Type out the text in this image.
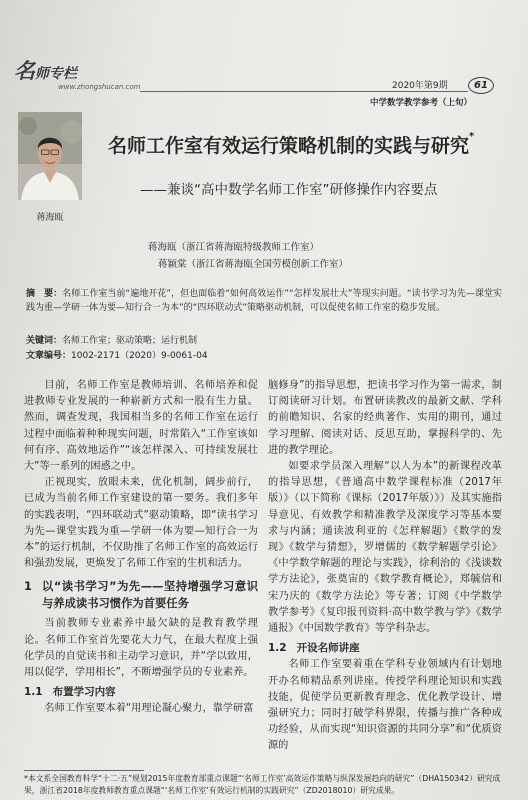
名师专栏
www.zhongshucan.com	2020年第9期	61
中学数学教学参考（上旬）
蒋海瓯
名师工作室有效运行策略机制的实践与研究*
——兼谈“高中数学名师工作室”研修操作内容要点
蒋海瓯（浙江省蒋海瓯特级教师工作室）
蒋颖棠（浙江省蒋海瓯全国劳模创新工作室）
摘　要：名师工作室当前“遍地开花”，但也面临着“如何高效运作”“怎样发展壮大”等现实问题。“读书学习为先—课堂实践为重—学研一体为要—知行合一为本”的“四环联动式”策略驱动机制，可以促使名师工作室的稳步发展。
关键词：名师工作室；驱动策略；运行机制
文章编号：1002-2171（2020）9-0061-04

目前，名师工作室是教师培训、名师培养和促进教师专业发展的一种崭新方式和一股有生力量。然而，调查发现，我国相当多的名师工作室在运行过程中面临着种种现实问题，时常陷入“工作室该如何有序、高效地运作”“该怎样深入、可持续发展壮大”等一系列的困惑之中。

正视现实，放眼未来，优化机制，阔步前行，已成为当前名师工作室建设的第一要务。我们多年的实践表明，“四环联动式”驱动策略，即“读书学习为先—课堂实践为重—学研一体为要—知行合一为本”的运行机制，不仅助推了名师工作室的高效运行和强劲发展，更焕发了名师工作室的生机和活力。

1 以“读书学习”为先——坚持增强学习意识与养成读书习惯作为首要任务

当前教师专业素养中最欠缺的是教育教学理论。名师工作室首先要花大力气，在最大程度上强化学员的自觉读书和主动学习意识，并“学以致用，用以促学，学用相长”，不断增强学员的专业素养。

1.1 布置学习内容

名师工作室要本着“用理论凝心聚力，靠学研富

脑修身”的指导思想，把读书学习作为第一需求，制订阅读研习计划。布置研读教改的最新文献、学科的前瞻知识、名家的经典著作、实用的期刊，通过学习理解、阅读对话、反思互助，掌握科学的、先进的教学理论。

如要求学员深入理解“以人为本”的新课程改革的指导思想，《普通高中数学课程标准（2017年版）》（以下简称《课标（2017年版）》）及其实施指导意见、有效教学和精准教学及深度学习等基本要求与内涵；通读波利亚的《怎样解题》《数学的发现》《数学与猜想》，罗增儒的《数学解题学引论》《中学数学解题的理论与实践》，徐利治的《浅谈数学方法论》，张奠宙的《数学教育概论》，郑毓信和宋乃庆的《数学方法论》等专著；订阅《中学数学教学参考》《复印报刊资料·高中数学教与学》《数学通报》《中国数学教育》等学科杂志。

1.2 开设名师讲座

名师工作室要着重在学科专业领域内有计划地开办名师精品系列讲座。传授学科理论知识和实践技能，促使学员更新教育理念、优化教学设计、增强研究力；同时打破学科界限，传播与推广各种成功经验，从而实现“知识资源的共同分享”和“优质资源的

*本文系全国教育科学“十二·五”规划2015年度教育部重点课题“‘名师工作室’高效运作策略与纵深发展趋向的研究”（DHA150342）研究成果，浙江省2018年度教师教育重点课题“‘名师工作室’有效运行机制的实践研究”（ZD2018010）研究成果。
